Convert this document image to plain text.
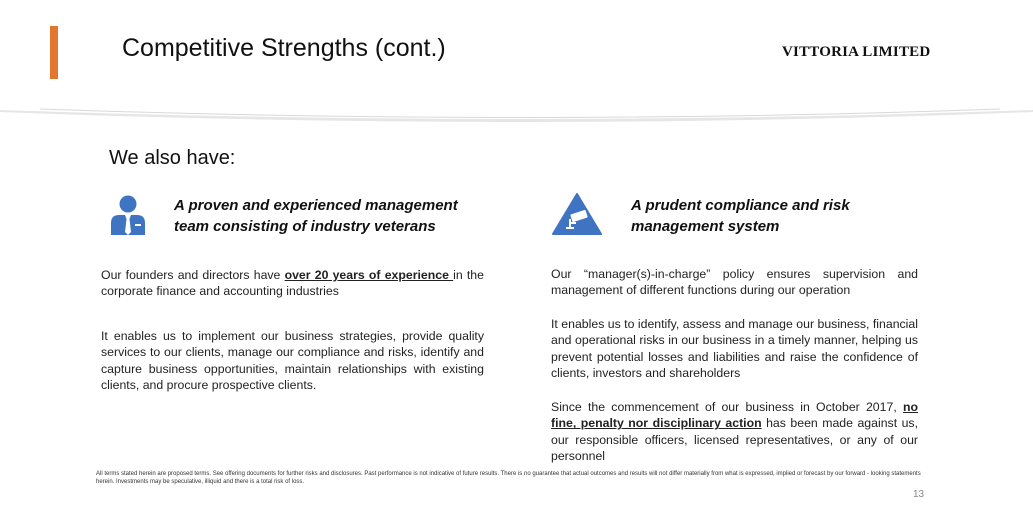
Competitive Strengths (cont.)	VITTORIA LIMITED
We also have:
A proven and experienced management
team consisting of industry veterans
Our founders and directors have over 20 years of experience in the corporate finance and accounting industries
It enables us to implement our business strategies, provide quality services to our clients, manage our compliance and risks, identify and capture business opportunities, maintain relationships with existing clients, and procure prospective clients.
A prudent compliance and risk
management system
Our “manager(s)-in-charge” policy ensures supervision and management of different functions during our operation
It enables us to identify, assess and manage our business, financial and operational risks in our business in a timely manner, helping us prevent potential losses and liabilities and raise the confidence of clients, investors and shareholders
Since the commencement of our business in October 2017, no fine, penalty nor disciplinary action has been made against us, our responsible officers, licensed representatives, or any of our personnel
All terms stated herein are proposed terms. See offering documents for further risks and disclosures. Past performance is not indicative of future results. There is no guarantee that actual outcomes and results will not differ materially from what is expressed, implied or forecast by our forward - looking statements herein. Investments may be speculative, illiquid and there is a total risk of loss.
13
